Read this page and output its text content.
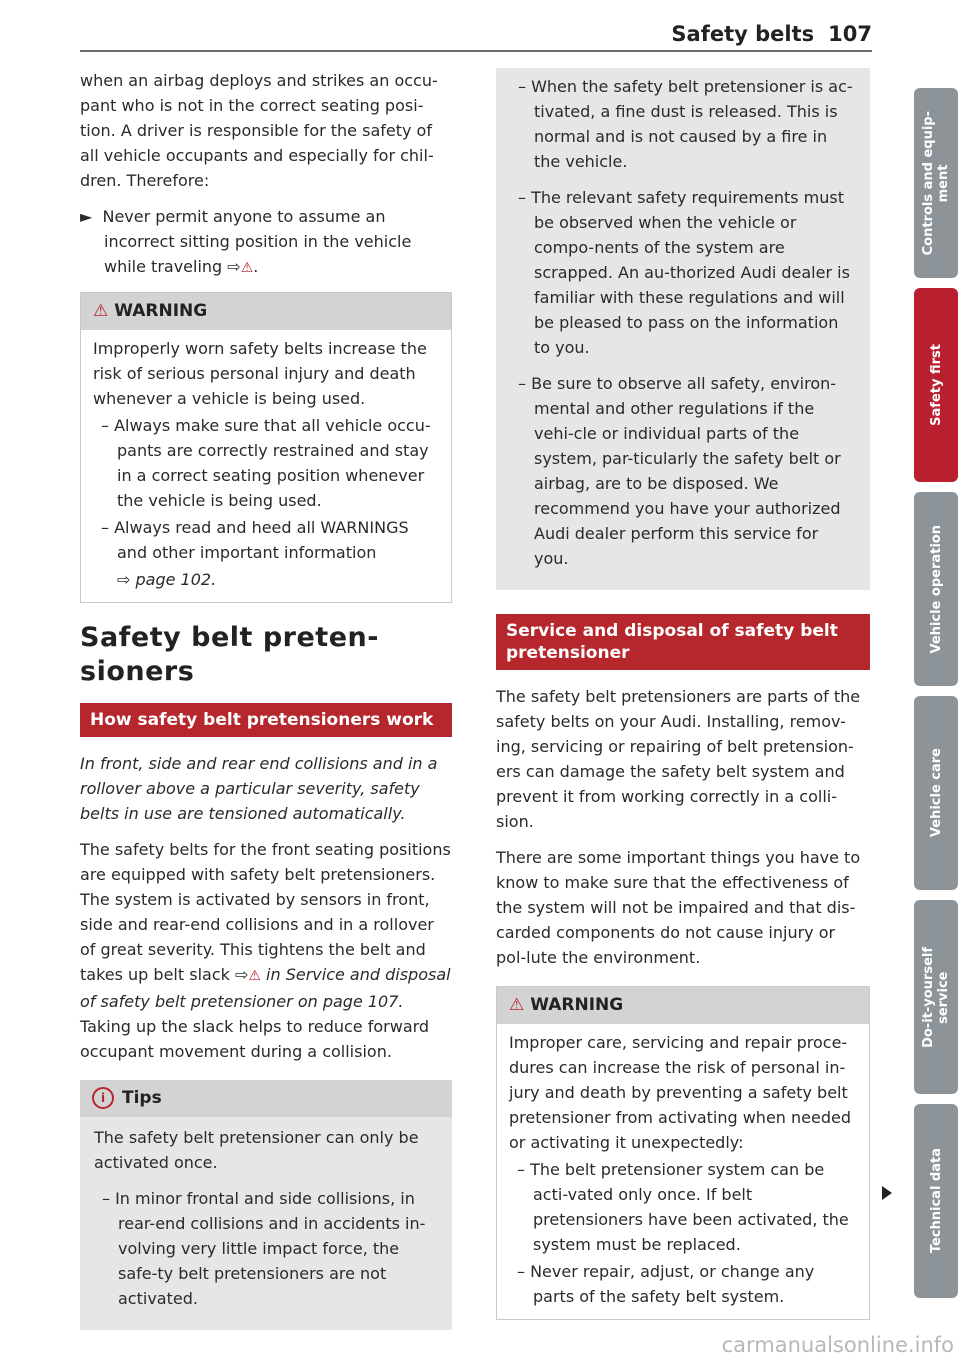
Safety belts 107

when an airbag deploys and strikes an occu-pant who is not in the correct seating posi-tion. A driver is responsible for the safety of all vehicle occupants and especially for chil-dren. Therefore:

► Never permit anyone to assume an incorrect sitting position in the vehicle while traveling ⇨⚠.

⚠ WARNING

Improperly worn safety belts increase the risk of serious personal injury and death whenever a vehicle is being used.

– Always make sure that all vehicle occu-pants are correctly restrained and stay in a correct seating position whenever the vehicle is being used.

– Always read and heed all WARNINGS and other important information

⇨ page 102.

Safety belt preten-sioners
How safety belt pretensioners work

In front, side and rear end collisions and in a rollover above a particular severity, safety belts in use are tensioned automatically.

The safety belts for the front seating positions are equipped with safety belt pretensioners. The system is activated by sensors in front, side and rear-end collisions and in a rollover of great severity. This tightens the belt and takes up belt slack ⇨⚠ in Service and disposal of safety belt pretensioner on page 107. Taking up the slack helps to reduce forward occupant movement during a collision.

i Tips

The safety belt pretensioner can only be activated once.

– In minor frontal and side collisions, in rear-end collisions and in accidents in-volving very little impact force, the safe-ty belt pretensioners are not activated.

– When the safety belt pretensioner is ac-tivated, a fine dust is released. This is normal and is not caused by a fire in the vehicle.

– The relevant safety requirements must be observed when the vehicle or compo-nents of the system are scrapped. An au-thorized Audi dealer is familiar with these regulations and will be pleased to pass on the information to you.

– Be sure to observe all safety, environ-mental and other regulations if the vehi-cle or individual parts of the system, par-ticularly the safety belt or airbag, are to be disposed. We recommend you have your authorized Audi dealer perform this service for you.

Service and disposal of safety belt pretensioner

The safety belt pretensioners are parts of the safety belts on your Audi. Installing, remov-ing, servicing or repairing of belt pretension-ers can damage the safety belt system and prevent it from working correctly in a colli-sion.

There are some important things you have to know to make sure that the effectiveness of the system will not be impaired and that dis-carded components do not cause injury or pol-lute the environment.

⚠ WARNING

Improper care, servicing and repair proce-dures can increase the risk of personal in-jury and death by preventing a safety belt pretensioner from activating when needed or activating it unexpectedly:

– The belt pretensioner system can be acti-vated only once. If belt pretensioners have been activated, the system must be replaced.

– Never repair, adjust, or change any parts of the safety belt system.

Controls and equip-
ment
Safety first
Vehicle operation
Vehicle care
Do-it-yourself
service
Technical data
carmanualsonline.info
